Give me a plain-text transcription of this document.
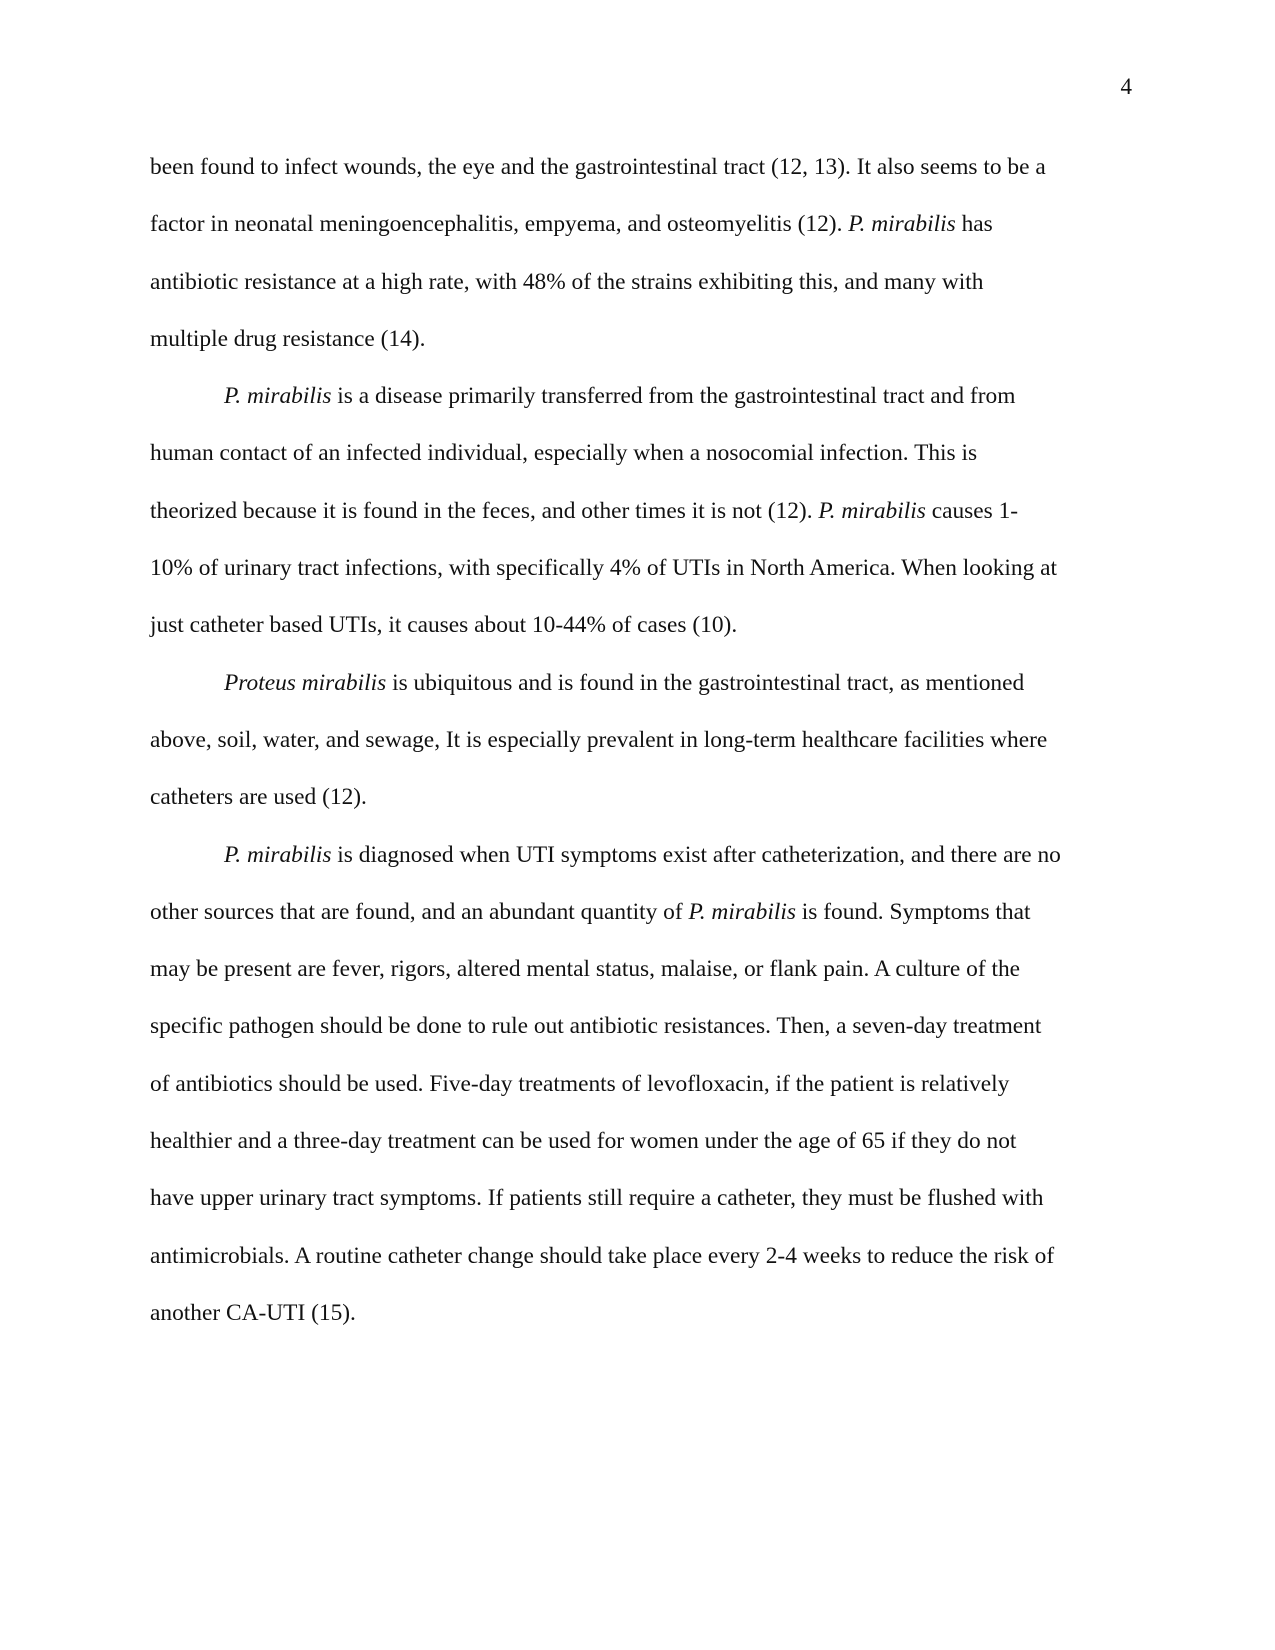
4
been found to infect wounds, the eye and the gastrointestinal tract (12, 13). It also seems to be a
factor in neonatal meningoencephalitis, empyema, and osteomyelitis (12). P. mirabilis has
antibiotic resistance at a high rate, with 48% of the strains exhibiting this, and many with
multiple drug resistance (14).
P. mirabilis is a disease primarily transferred from the gastrointestinal tract and from
human contact of an infected individual, especially when a nosocomial infection. This is
theorized because it is found in the feces, and other times it is not (12). P. mirabilis causes 1-
10% of urinary tract infections, with specifically 4% of UTIs in North America. When looking at
just catheter based UTIs, it causes about 10-44% of cases (10).
Proteus mirabilis is ubiquitous and is found in the gastrointestinal tract, as mentioned
above, soil, water, and sewage, It is especially prevalent in long-term healthcare facilities where
catheters are used (12).
P. mirabilis is diagnosed when UTI symptoms exist after catheterization, and there are no
other sources that are found, and an abundant quantity of P. mirabilis is found. Symptoms that
may be present are fever, rigors, altered mental status, malaise, or flank pain. A culture of the
specific pathogen should be done to rule out antibiotic resistances. Then, a seven-day treatment
of antibiotics should be used. Five-day treatments of levofloxacin, if the patient is relatively
healthier and a three-day treatment can be used for women under the age of 65 if they do not
have upper urinary tract symptoms. If patients still require a catheter, they must be flushed with
antimicrobials. A routine catheter change should take place every 2-4 weeks to reduce the risk of
another CA-UTI (15).
